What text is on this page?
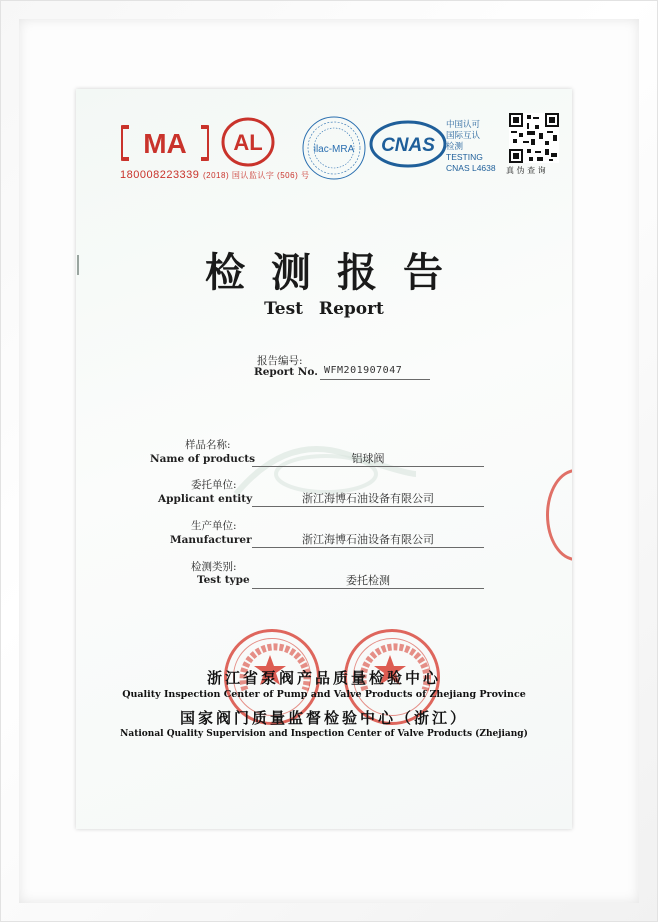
MA AL
180008223339 (2018) 国认监认字 (506) 号
ilac-MRA CNAS
中国认可
国际互认
检测
TESTING
CNAS L4638 真 伪 查 询
检测报告
Test Report
报告编号:
Report No. WFM201907047
样品名称:
Name of products	铝球阀
委托单位:
Applicant entity	浙江海博石油设备有限公司
生产单位:
Manufacturer	浙江海博石油设备有限公司
检测类别:
Test type	委托检测
浙江省泵阀产品质量检验中心
Quality Inspection Center of Pump and Valve Products of Zhejiang Province
国家阀门质量监督检验中心（浙江）
National Quality Supervision and Inspection Center of Valve Products (Zhejiang)
